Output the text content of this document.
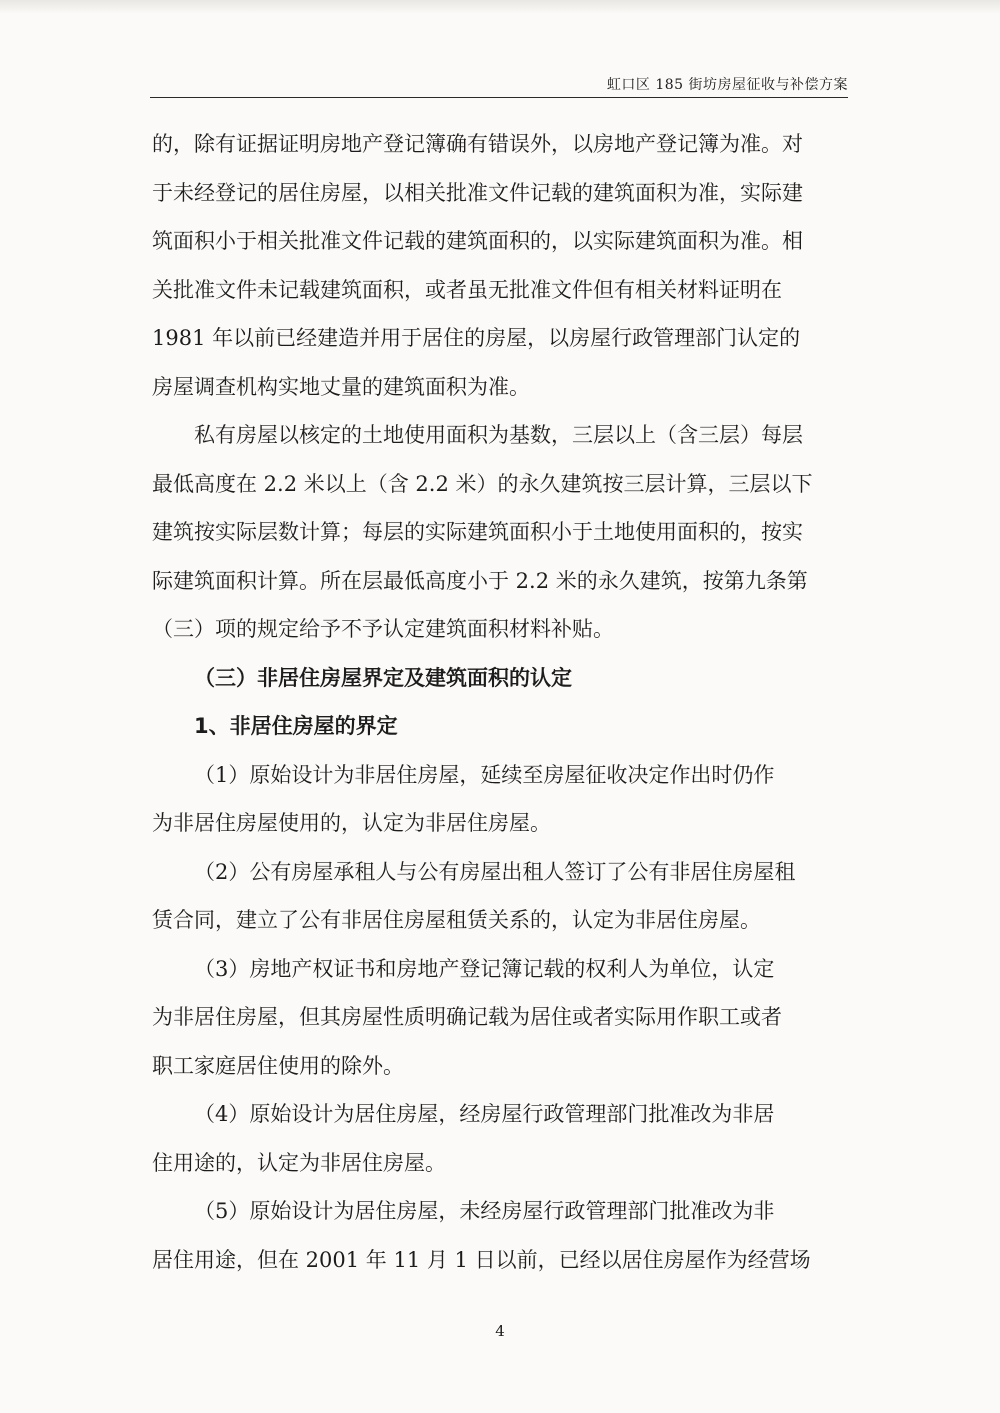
虹口区 185 街坊房屋征收与补偿方案
的，除有证据证明房地产登记簿确有错误外，以房地产登记簿为准。对
于未经登记的居住房屋，以相关批准文件记载的建筑面积为准，实际建
筑面积小于相关批准文件记载的建筑面积的，以实际建筑面积为准。相
关批准文件未记载建筑面积，或者虽无批准文件但有相关材料证明在
1981 年以前已经建造并用于居住的房屋，以房屋行政管理部门认定的
房屋调查机构实地丈量的建筑面积为准。
私有房屋以核定的土地使用面积为基数，三层以上（含三层）每层
最低高度在 2.2 米以上（含 2.2 米）的永久建筑按三层计算，三层以下
建筑按实际层数计算；每层的实际建筑面积小于土地使用面积的，按实
际建筑面积计算。所在层最低高度小于 2.2 米的永久建筑，按第九条第
（三）项的规定给予不予认定建筑面积材料补贴。
（三）非居住房屋界定及建筑面积的认定
1、非居住房屋的界定
（1）原始设计为非居住房屋，延续至房屋征收决定作出时仍作
为非居住房屋使用的，认定为非居住房屋。
（2）公有房屋承租人与公有房屋出租人签订了公有非居住房屋租
赁合同，建立了公有非居住房屋租赁关系的，认定为非居住房屋。
（3）房地产权证书和房地产登记簿记载的权利人为单位，认定
为非居住房屋，但其房屋性质明确记载为居住或者实际用作职工或者
职工家庭居住使用的除外。
（4）原始设计为居住房屋，经房屋行政管理部门批准改为非居
住用途的，认定为非居住房屋。
（5）原始设计为居住房屋，未经房屋行政管理部门批准改为非
居住用途，但在 2001 年 11 月 1 日以前，已经以居住房屋作为经营场
4
